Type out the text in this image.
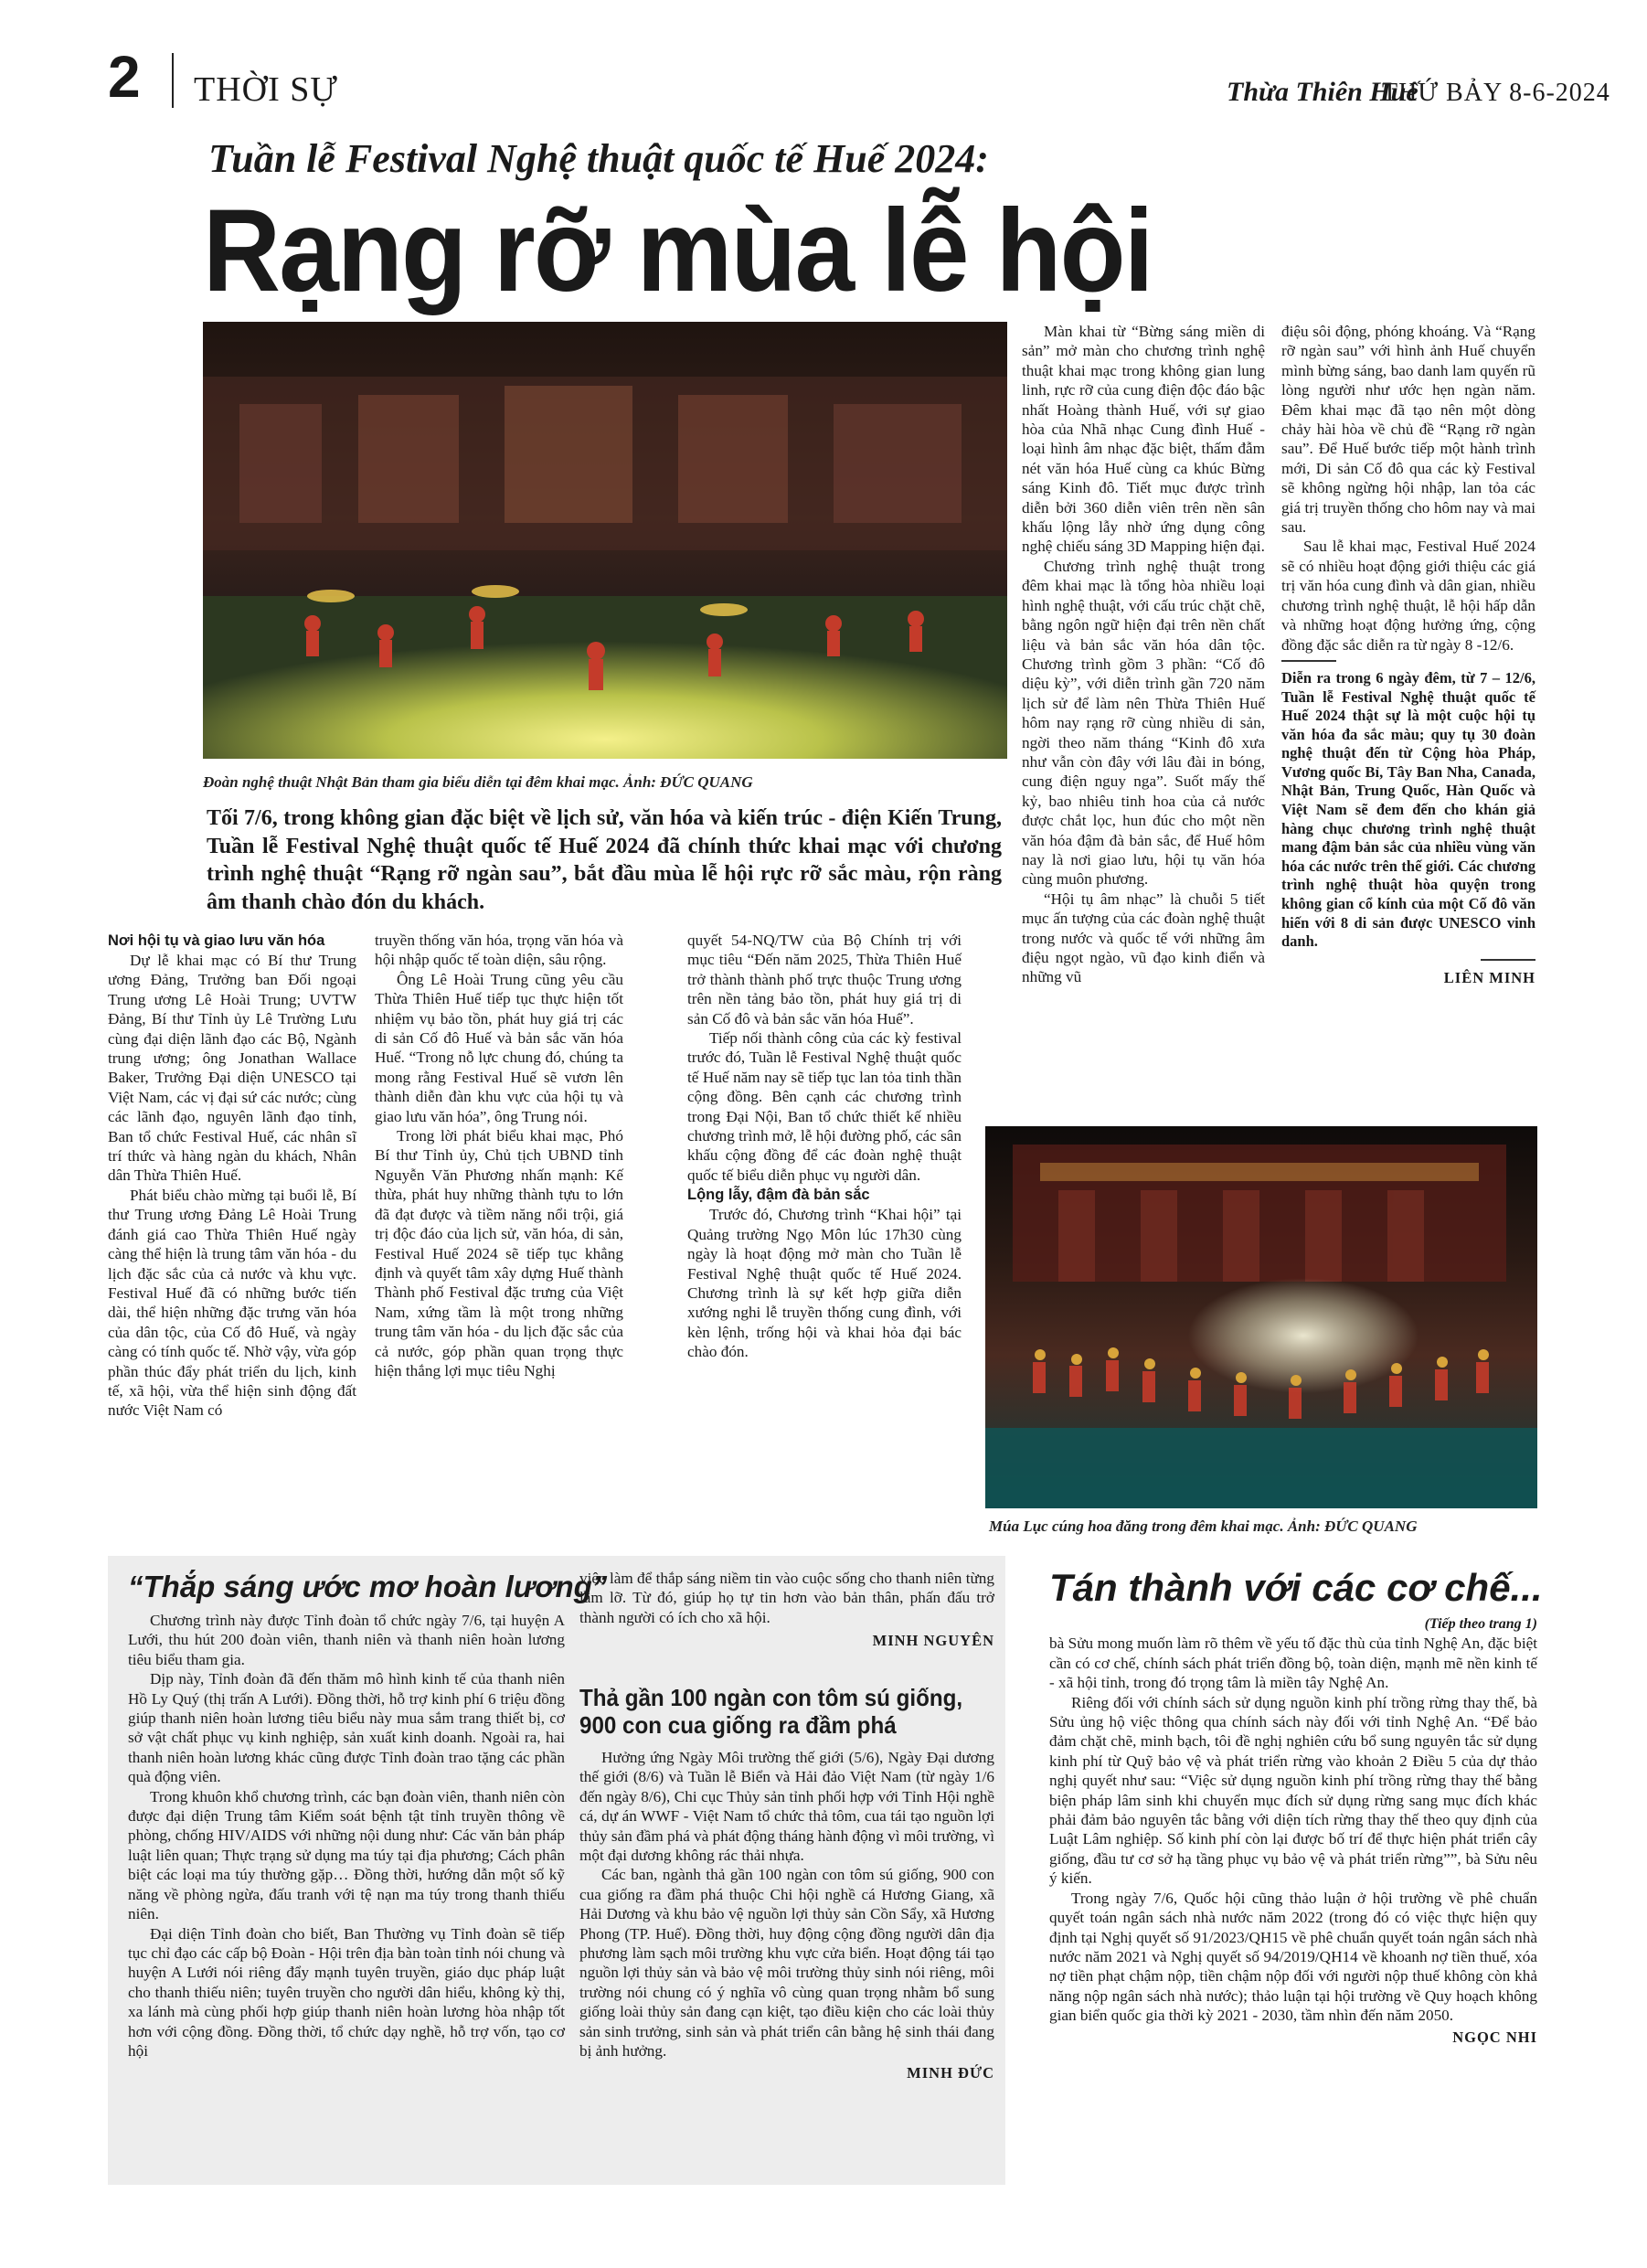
2 THỜI SỰ	Thừa Thiên Huế
THỨ BẢY 8-6-2024
Tuần lễ Festival Nghệ thuật quốc tế Huế 2024:
Rạng rỡ mùa lễ hội
Đoàn nghệ thuật Nhật Bản tham gia biểu diễn tại đêm khai mạc. Ảnh: ĐỨC QUANG
Tối 7/6, trong không gian đặc biệt về lịch sử, văn hóa và kiến trúc - điện Kiến Trung, Tuần lễ Festival Nghệ thuật quốc tế Huế 2024 đã chính thức khai mạc với chương trình nghệ thuật “Rạng rỡ ngàn sau”, bắt đầu mùa lễ hội rực rỡ sắc màu, rộn ràng âm thanh chào đón du khách.

Nơi hội tụ và giao lưu văn hóa

Dự lễ khai mạc có Bí thư Trung ương Đảng, Trưởng ban Đối ngoại Trung ương Lê Hoài Trung; UVTW Đảng, Bí thư Tỉnh ủy Lê Trường Lưu cùng đại diện lãnh đạo các Bộ, Ngành trung ương; ông Jonathan Wallace Baker, Trưởng Đại diện UNESCO tại Việt Nam, các vị đại sứ các nước; cùng các lãnh đạo, nguyên lãnh đạo tỉnh, Ban tổ chức Festival Huế, các nhân sĩ trí thức và hàng ngàn du khách, Nhân dân Thừa Thiên Huế.

Phát biểu chào mừng tại buổi lễ, Bí thư Trung ương Đảng Lê Hoài Trung đánh giá cao Thừa Thiên Huế ngày càng thể hiện là trung tâm văn hóa - du lịch đặc sắc của cả nước và khu vực. Festival Huế đã có những bước tiến dài, thể hiện những đặc trưng văn hóa của dân tộc, của Cố đô Huế, và ngày càng có tính quốc tế. Nhờ vậy, vừa góp phần thúc đẩy phát triển du lịch, kinh tế, xã hội, vừa thể hiện sinh động đất nước Việt Nam có

truyền thống văn hóa, trọng văn hóa và hội nhập quốc tế toàn diện, sâu rộng.

Ông Lê Hoài Trung cũng yêu cầu Thừa Thiên Huế tiếp tục thực hiện tốt nhiệm vụ bảo tồn, phát huy giá trị các di sản Cố đô Huế và bản sắc văn hóa Huế. “Trong nỗ lực chung đó, chúng ta mong rằng Festival Huế sẽ vươn lên thành diễn đàn khu vực của hội tụ và giao lưu văn hóa”, ông Trung nói.

Trong lời phát biểu khai mạc, Phó Bí thư Tỉnh ủy, Chủ tịch UBND tỉnh Nguyễn Văn Phương nhấn mạnh: Kế thừa, phát huy những thành tựu to lớn đã đạt được và tiềm năng nổi trội, giá trị độc đáo của lịch sử, văn hóa, di sản, Festival Huế 2024 sẽ tiếp tục khẳng định và quyết tâm xây dựng Huế thành Thành phố Festival đặc trưng của Việt Nam, xứng tầm là một trong những trung tâm văn hóa - du lịch đặc sắc của cả nước, góp phần quan trọng thực hiện thắng lợi mục tiêu Nghị

quyết 54-NQ/TW của Bộ Chính trị với mục tiêu “Đến năm 2025, Thừa Thiên Huế trở thành thành phố trực thuộc Trung ương trên nền tảng bảo tồn, phát huy giá trị di sản Cố đô và bản sắc văn hóa Huế”.

Tiếp nối thành công của các kỳ festival trước đó, Tuần lễ Festival Nghệ thuật quốc tế Huế năm nay sẽ tiếp tục lan tỏa tinh thần cộng đồng. Bên cạnh các chương trình trong Đại Nội, Ban tổ chức thiết kế nhiều chương trình mở, lễ hội đường phố, các sân khấu cộng đồng để các đoàn nghệ thuật quốc tế biểu diễn phục vụ người dân.

Lộng lẫy, đậm đà bản sắc

Trước đó, Chương trình “Khai hội” tại Quảng trường Ngọ Môn lúc 17h30 cùng ngày là hoạt động mở màn cho Tuần lễ Festival Nghệ thuật quốc tế Huế 2024. Chương trình là sự kết hợp giữa diễn xướng nghi lễ truyền thống cung đình, với kèn lệnh, trống hội và khai hỏa đại bác chào đón.

Màn khai từ “Bừng sáng miền di sản” mở màn cho chương trình nghệ thuật khai mạc trong không gian lung linh, rực rỡ của cung điện độc đáo bậc nhất Hoàng thành Huế, với sự giao hòa của Nhã nhạc Cung đình Huế - loại hình âm nhạc đặc biệt, thấm đẫm nét văn hóa Huế cùng ca khúc Bừng sáng Kinh đô. Tiết mục được trình diễn bởi 360 diễn viên trên nền sân khấu lộng lẫy nhờ ứng dụng công nghệ chiếu sáng 3D Mapping hiện đại.

Chương trình nghệ thuật trong đêm khai mạc là tổng hòa nhiều loại hình nghệ thuật, với cấu trúc chặt chẽ, bằng ngôn ngữ hiện đại trên nền chất liệu và bản sắc văn hóa dân tộc. Chương trình gồm 3 phần: “Cố đô diệu kỳ”, với diễn trình gần 720 năm lịch sử để làm nên Thừa Thiên Huế hôm nay rạng rỡ cùng nhiều di sản, ngời theo năm tháng “Kinh đô xưa như vẫn còn đây với lâu đài in bóng, cung điện nguy nga”. Suốt mấy thế kỷ, bao nhiêu tinh hoa của cả nước được chắt lọc, hun đúc cho một nền văn hóa đậm đà bản sắc, để Huế hôm nay là nơi giao lưu, hội tụ văn hóa cùng muôn phương.

“Hội tụ âm nhạc” là chuỗi 5 tiết mục ấn tượng của các đoàn nghệ thuật trong nước và quốc tế với những âm điệu ngọt ngào, vũ đạo kinh điển và những vũ

điệu sôi động, phóng khoáng. Và “Rạng rỡ ngàn sau” với hình ảnh Huế chuyển mình bừng sáng, bao danh lam quyến rũ lòng người như ước hẹn ngàn năm. Đêm khai mạc đã tạo nên một dòng chảy hài hòa về chủ đề “Rạng rỡ ngàn sau”. Để Huế bước tiếp một hành trình mới, Di sản Cố đô qua các kỳ Festival sẽ không ngừng hội nhập, lan tỏa các giá trị truyền thống cho hôm nay và mai sau.

Sau lễ khai mạc, Festival Huế 2024 sẽ có nhiều hoạt động giới thiệu các giá trị văn hóa cung đình và dân gian, nhiều chương trình nghệ thuật, lễ hội hấp dẫn và những hoạt động hưởng ứng, cộng đồng đặc sắc diễn ra từ ngày 8 -12/6.

Diễn ra trong 6 ngày đêm, từ 7 – 12/6, Tuần lễ Festival Nghệ thuật quốc tế Huế 2024 thật sự là một cuộc hội tụ văn hóa đa sắc màu; quy tụ 30 đoàn nghệ thuật đến từ Cộng hòa Pháp, Vương quốc Bỉ, Tây Ban Nha, Canada, Nhật Bản, Trung Quốc, Hàn Quốc và Việt Nam sẽ đem đến cho khán giả hàng chục chương trình nghệ thuật mang đậm bản sắc của nhiều vùng văn hóa các nước trên thế giới. Các chương trình nghệ thuật hòa quyện trong không gian cổ kính của một Cố đô văn hiến với 8 di sản được UNESCO vinh danh.
LIÊN MINH
Múa Lục cúng hoa đăng trong đêm khai mạc. Ảnh: ĐỨC QUANG
“Thắp sáng ước mơ hoàn lương”

Chương trình này được Tỉnh đoàn tổ chức ngày 7/6, tại huyện A Lưới, thu hút 200 đoàn viên, thanh niên và thanh niên hoàn lương tiêu biểu tham gia.

Dịp này, Tỉnh đoàn đã đến thăm mô hình kinh tế của thanh niên Hồ Ly Quý (thị trấn A Lưới). Đồng thời, hỗ trợ kinh phí 6 triệu đồng giúp thanh niên hoàn lương tiêu biểu này mua sắm trang thiết bị, cơ sở vật chất phục vụ kinh nghiệp, sản xuất kinh doanh. Ngoài ra, hai thanh niên hoàn lương khác cũng được Tỉnh đoàn trao tặng các phần quà động viên.

Trong khuôn khổ chương trình, các bạn đoàn viên, thanh niên còn được đại diện Trung tâm Kiểm soát bệnh tật tỉnh truyền thông về phòng, chống HIV/AIDS với những nội dung như: Các văn bản pháp luật liên quan; Thực trạng sử dụng ma túy tại địa phương; Cách phân biệt các loại ma túy thường gặp… Đồng thời, hướng dẫn một số kỹ năng về phòng ngừa, đấu tranh với tệ nạn ma túy trong thanh thiếu niên.

Đại diện Tỉnh đoàn cho biết, Ban Thường vụ Tỉnh đoàn sẽ tiếp tục chỉ đạo các cấp bộ Đoàn - Hội trên địa bàn toàn tỉnh nói chung và huyện A Lưới nói riêng đẩy mạnh tuyên truyền, giáo dục pháp luật cho thanh thiếu niên; tuyên truyền cho người dân hiểu, không kỳ thị, xa lánh mà cùng phối hợp giúp thanh niên hoàn lương hòa nhập tốt hơn với cộng đồng. Đồng thời, tổ chức dạy nghề, hỗ trợ vốn, tạo cơ hội

việc làm để thắp sáng niềm tin vào cuộc sống cho thanh niên từng lầm lỡ. Từ đó, giúp họ tự tin hơn vào bản thân, phấn đấu trở thành người có ích cho xã hội.

MINH NGUYÊN
Thả gần 100 ngàn con tôm sú giống, 900 con cua giống ra đầm phá

Hưởng ứng Ngày Môi trường thế giới (5/6), Ngày Đại dương thế giới (8/6) và Tuần lễ Biển và Hải đảo Việt Nam (từ ngày 1/6 đến ngày 8/6), Chi cục Thủy sản tỉnh phối hợp với Tỉnh Hội nghề cá, dự án WWF - Việt Nam tổ chức thả tôm, cua tái tạo nguồn lợi thủy sản đầm phá và phát động tháng hành động vì môi trường, vì một đại dương không rác thải nhựa.

Các ban, ngành thả gần 100 ngàn con tôm sú giống, 900 con cua giống ra đầm phá thuộc Chi hội nghề cá Hương Giang, xã Hải Dương và khu bảo vệ nguồn lợi thủy sản Cồn Sẩy, xã Hương Phong (TP. Huế). Đồng thời, huy động cộng đồng người dân địa phương làm sạch môi trường khu vực cửa biển. Hoạt động tái tạo nguồn lợi thủy sản và bảo vệ môi trường thủy sinh nói riêng, môi trường nói chung có ý nghĩa vô cùng quan trọng nhằm bổ sung giống loài thủy sản đang cạn kiệt, tạo điều kiện cho các loài thủy sản sinh trưởng, sinh sản và phát triển cân bằng hệ sinh thái đang bị ảnh hưởng.

MINH ĐỨC
Tán thành với các cơ chế...
(Tiếp theo trang 1)

bà Sửu mong muốn làm rõ thêm về yếu tố đặc thù của tỉnh Nghệ An, đặc biệt cần có cơ chế, chính sách phát triển đồng bộ, toàn diện, mạnh mẽ nền kinh tế - xã hội tỉnh, trong đó trọng tâm là miền tây Nghệ An.

Riêng đối với chính sách sử dụng nguồn kinh phí trồng rừng thay thế, bà Sửu ủng hộ việc thông qua chính sách này đối với tỉnh Nghệ An. “Để bảo đảm chặt chẽ, minh bạch, tôi đề nghị nghiên cứu bổ sung nguyên tắc sử dụng kinh phí từ Quỹ bảo vệ và phát triển rừng vào khoản 2 Điều 5 của dự thảo nghị quyết như sau: “Việc sử dụng nguồn kinh phí trồng rừng thay thế bằng biện pháp lâm sinh khi chuyển mục đích sử dụng rừng sang mục đích khác phải đảm bảo nguyên tắc bằng với diện tích rừng thay thế theo quy định của Luật Lâm nghiệp. Số kinh phí còn lại được bố trí để thực hiện phát triển cây giống, đầu tư cơ sở hạ tầng phục vụ bảo vệ và phát triển rừng””, bà Sửu nêu ý kiến.

Trong ngày 7/6, Quốc hội cũng thảo luận ở hội trường về phê chuẩn quyết toán ngân sách nhà nước năm 2022 (trong đó có việc thực hiện quy định tại Nghị quyết số 91/2023/QH15 về phê chuẩn quyết toán ngân sách nhà nước năm 2021 và Nghị quyết số 94/2019/QH14 về khoanh nợ tiền thuế, xóa nợ tiền phạt chậm nộp, tiền chậm nộp đối với người nộp thuế không còn khả năng nộp ngân sách nhà nước); thảo luận tại hội trường về Quy hoạch không gian biển quốc gia thời kỳ 2021 - 2030, tầm nhìn đến năm 2050.

NGỌC NHI
